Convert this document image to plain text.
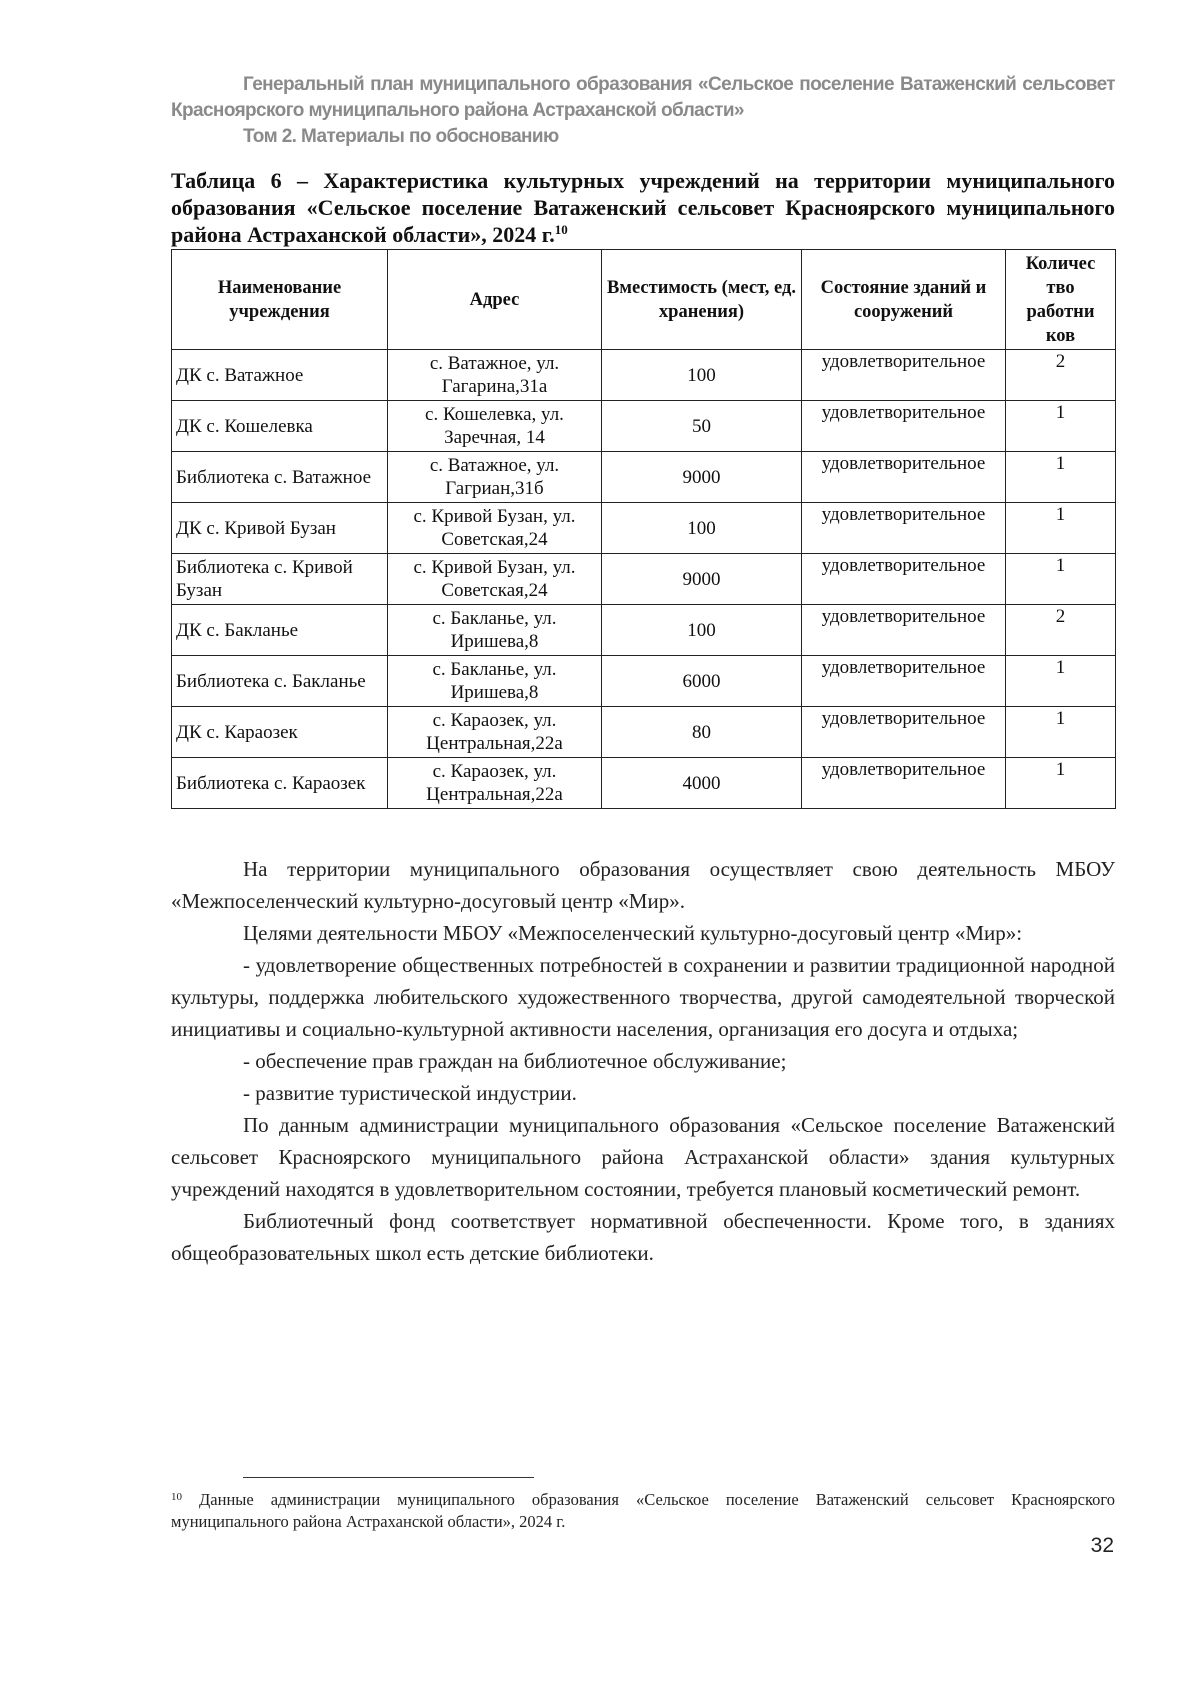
Генеральный план муниципального образования «Сельское поселение Ватаженский сельсовет Красноярского муниципального района Астраханской области»

Том 2. Материалы по обоснованию

Таблица 6 – Характеристика культурных учреждений на территории муниципального образования «Сельское поселение Ватаженский сельсовет Красноярского муниципального района Астраханской области», 2024 г.$^{10}$

Наименование учреждения	Адрес	Вместимость (мест, ед. хранения)	Состояние зданий и сооружений	Количес тво работни ков
ДК с. Ватажное	с. Ватажное, ул. Гагарина,31а	100	удовлетворительное	2
ДК с. Кошелевка	с. Кошелевка, ул. Заречная, 14	50	удовлетворительное	1
Библиотека с. Ватажное	с. Ватажное, ул. Гагриан,31б	9000	удовлетворительное	1
ДК с. Кривой Бузан	с. Кривой Бузан, ул. Советская,24	100	удовлетворительное	1
Библиотека с. Кривой Бузан	с. Кривой Бузан, ул. Советская,24	9000	удовлетворительное	1
ДК с. Бакланье	с. Бакланье, ул. Иришева,8	100	удовлетворительное	2
Библиотека с. Бакланье	с. Бакланье, ул. Иришева,8	6000	удовлетворительное	1
ДК с. Караозек	с. Караозек, ул. Центральная,22а	80	удовлетворительное	1
Библиотека с. Караозек	с. Караозек, ул. Центральная,22а	4000	удовлетворительное	1

На территории муниципального образования осуществляет свою деятельность МБОУ «Межпоселенческий культурно-досуговый центр «Мир».

Целями деятельности МБОУ «Межпоселенческий культурно-досуговый центр «Мир»:

- удовлетворение общественных потребностей в сохранении и развитии традиционной народной культуры, поддержка любительского художественного творчества, другой самодеятельной творческой инициативы и социально-культурной активности населения, организация его досуга и отдыха;

- обеспечение прав граждан на библиотечное обслуживание;

- развитие туристической индустрии.

По данным администрации муниципального образования «Сельское поселение Ватаженский сельсовет Красноярского муниципального района Астраханской области» здания культурных учреждений находятся в удовлетворительном состоянии, требуется плановый косметический ремонт.

Библиотечный фонд соответствует нормативной обеспеченности. Кроме того, в зданиях общеобразовательных школ есть детские библиотеки.

$^{10}$ Данные администрации муниципального образования «Сельское поселение Ватаженский сельсовет Красноярского муниципального района Астраханской области», 2024 г.

32
